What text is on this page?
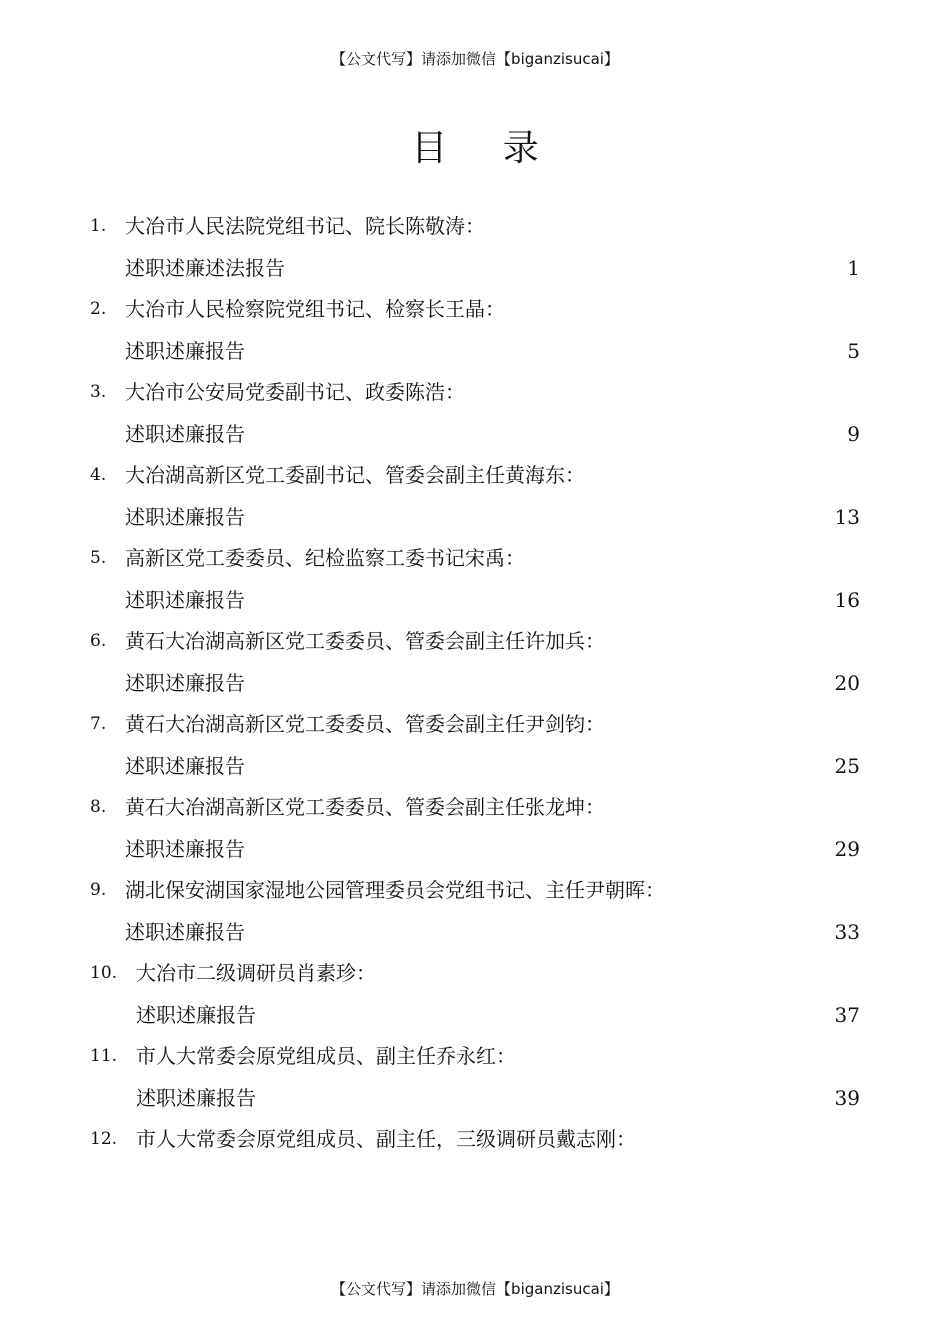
【公文代写】请添加微信【biganzisucai】
目 录
1. 大冶市人民法院党组书记、院长陈敬涛：
述职述廉述法报告	1
2. 大冶市人民检察院党组书记、检察长王晶：
述职述廉报告	5
3. 大冶市公安局党委副书记、政委陈浩：
述职述廉报告	9
4. 大冶湖高新区党工委副书记、管委会副主任黄海东：
述职述廉报告	13
5. 高新区党工委委员、纪检监察工委书记宋禹：
述职述廉报告	16
6. 黄石大冶湖高新区党工委委员、管委会副主任许加兵：
述职述廉报告	20
7. 黄石大冶湖高新区党工委委员、管委会副主任尹剑钧：
述职述廉报告	25
8. 黄石大冶湖高新区党工委委员、管委会副主任张龙坤：
述职述廉报告	29
9. 湖北保安湖国家湿地公园管理委员会党组书记、主任尹朝晖：
述职述廉报告	33
10. 大冶市二级调研员肖素珍：
述职述廉报告	37
11. 市人大常委会原党组成员、副主任乔永红：
述职述廉报告	39
12. 市人大常委会原党组成员、副主任，三级调研员戴志刚：
【公文代写】请添加微信【biganzisucai】
